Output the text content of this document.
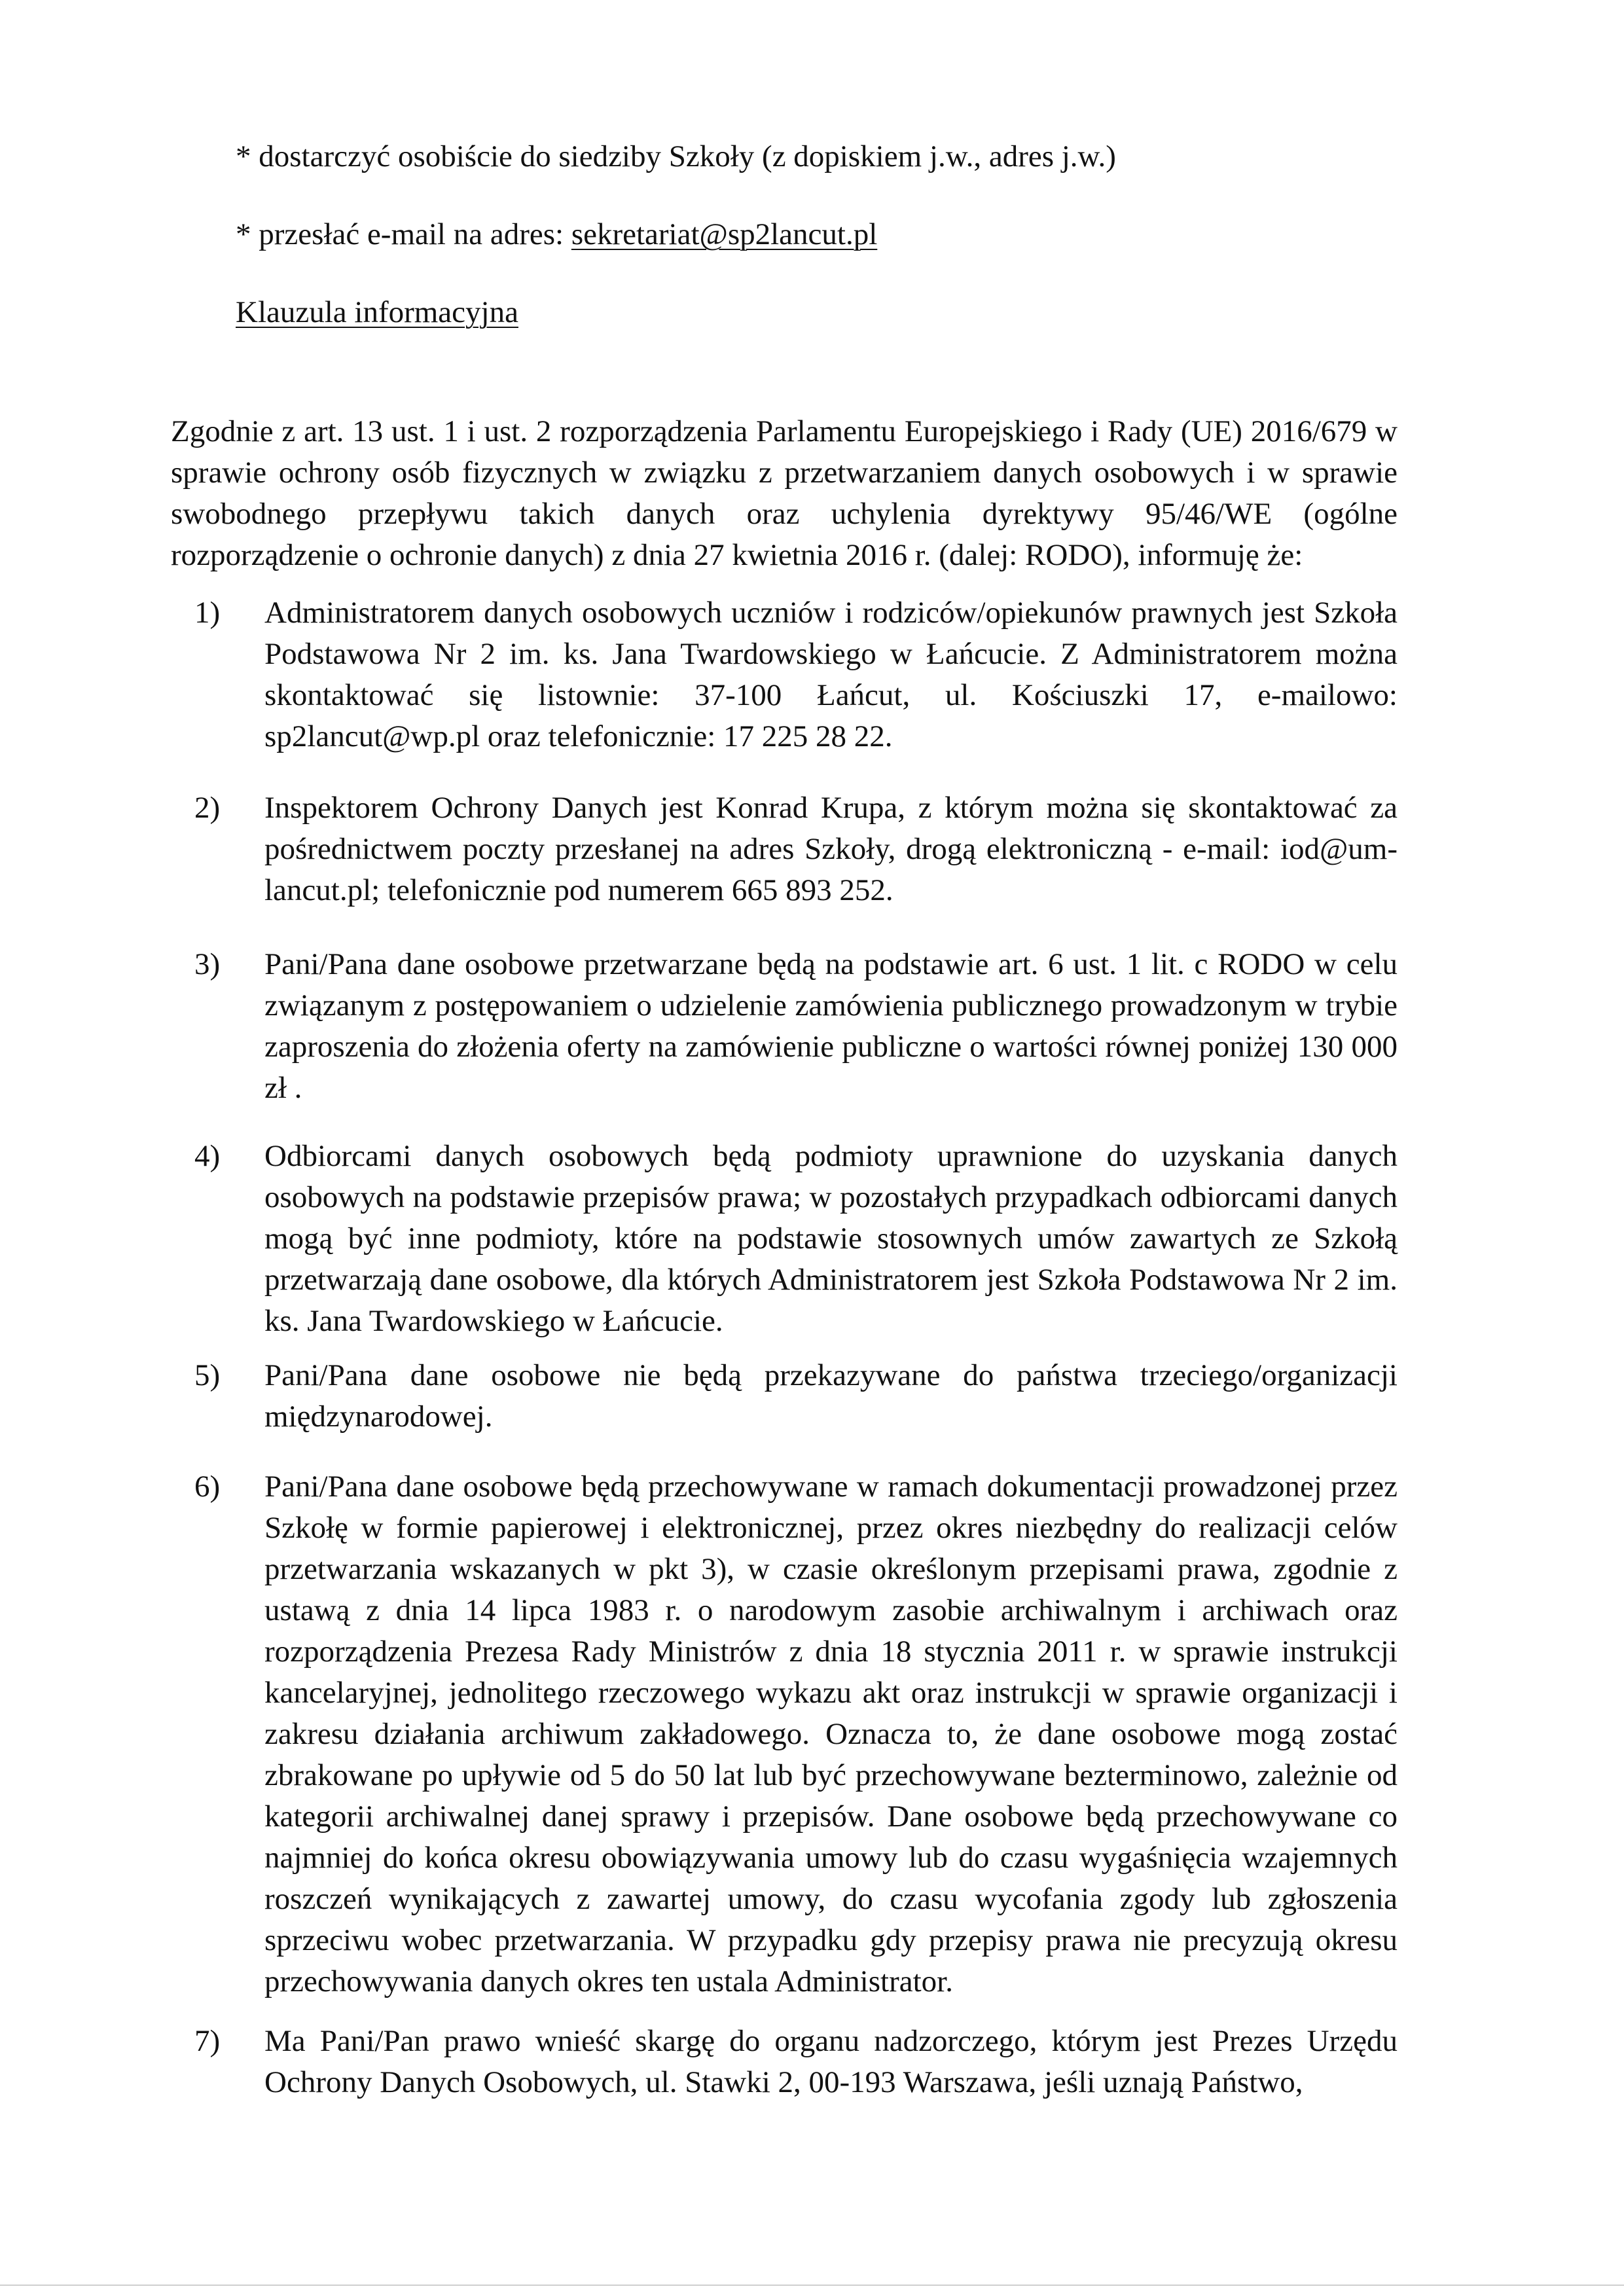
* dostarczyć osobiście do siedziby Szkoły (z dopiskiem j.w., adres j.w.)
* przesłać e-mail na adres: sekretariat@sp2lancut.pl
Klauzula informacyjna
Zgodnie z art. 13 ust. 1 i ust. 2 rozporządzenia Parlamentu Europejskiego i Rady (UE) 2016/679 w sprawie ochrony osób fizycznych w związku z przetwarzaniem danych osobowych i w sprawie swobodnego przepływu takich danych oraz uchylenia dyrektywy 95/46/WE (ogólne rozporządzenie o ochronie danych) z dnia 27 kwietnia 2016 r. (dalej: RODO), informuję że:
1)	Administratorem danych osobowych uczniów i rodziców/opiekunów prawnych jest Szkoła Podstawowa Nr 2 im. ks. Jana Twardowskiego w Łańcucie. Z Administratorem można skontaktować się listownie: 37-100 Łańcut, ul. Kościuszki 17, e-mailowo: sp2lancut@wp.pl oraz telefonicznie: 17 225 28 22.
2)	Inspektorem Ochrony Danych jest Konrad Krupa, z którym można się skontaktować za pośrednictwem poczty przesłanej na adres Szkoły, drogą elektroniczną - e-mail: iod@um-lancut.pl; telefonicznie pod numerem 665 893 252.
3)	Pani/Pana dane osobowe przetwarzane będą na podstawie art. 6 ust. 1 lit. c RODO w celu związanym z postępowaniem o udzielenie zamówienia publicznego prowadzonym w trybie zaproszenia do złożenia oferty na zamówienie publiczne o wartości równej poniżej 130 000 zł .
4)	Odbiorcami danych osobowych będą podmioty uprawnione do uzyskania danych osobowych na podstawie przepisów prawa; w pozostałych przypadkach odbiorcami danych mogą być inne podmioty, które na podstawie stosownych umów zawartych ze Szkołą przetwarzają dane osobowe, dla których Administratorem jest Szkoła Podstawowa Nr 2 im. ks. Jana Twardowskiego w Łańcucie.
5)	Pani/Pana dane osobowe nie będą przekazywane do państwa trzeciego/organizacji międzynarodowej.
6)	Pani/Pana dane osobowe będą przechowywane w ramach dokumentacji prowadzonej przez Szkołę w formie papierowej i elektronicznej, przez okres niezbędny do realizacji celów przetwarzania wskazanych w pkt 3), w czasie określonym przepisami prawa, zgodnie z ustawą z dnia 14 lipca 1983 r. o narodowym zasobie archiwalnym i archiwach oraz rozporządzenia Prezesa Rady Ministrów z dnia 18 stycznia 2011 r. w sprawie instrukcji kancelaryjnej, jednolitego rzeczowego wykazu akt oraz instrukcji w sprawie organizacji i zakresu działania archiwum zakładowego. Oznacza to, że dane osobowe mogą zostać zbrakowane po upływie od 5 do 50 lat lub być przechowywane bezterminowo, zależnie od kategorii archiwalnej danej sprawy i przepisów. Dane osobowe będą przechowywane co najmniej do końca okresu obowiązywania umowy lub do czasu wygaśnięcia wzajemnych roszczeń wynikających z zawartej umowy, do czasu wycofania zgody lub zgłoszenia sprzeciwu wobec przetwarzania. W przypadku gdy przepisy prawa nie precyzują okresu przechowywania danych okres ten ustala Administrator.
7)	Ma Pani/Pan prawo wnieść skargę do organu nadzorczego, którym jest Prezes Urzędu Ochrony Danych Osobowych, ul. Stawki 2, 00-193 Warszawa, jeśli uznają Państwo,
